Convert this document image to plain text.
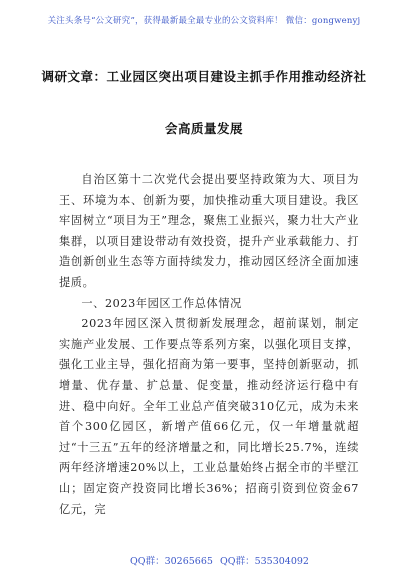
关注头条号“公文研究”，获得最新最全最专业的公文资料库！ 微信：gongwenyj
调研文章：工业园区突出项目建设主抓手作用推动经济社
会高质量发展

自治区第十二次党代会提出要坚持政策为大、项目为王、环境为本、创新为要，加快推动重大项目建设。我区牢固树立“项目为王”理念，聚焦工业振兴，聚力壮大产业集群，以项目建设带动有效投资，提升产业承载能力、打造创新创业生态等方面持续发力，推动园区经济全面加速提质。

一、2023年园区工作总体情况

2023年园区深入贯彻新发展理念，超前谋划，制定实施产业发展、工作要点等系列方案，以强化项目支撑，强化工业主导，强化招商为第一要事，坚持创新驱动，抓增量、优存量、扩总量、促变量，推动经济运行稳中有进、稳中向好。全年工业总产值突破310亿元，成为未来首个300亿园区，新增产值66亿元，仅一年增量就超过“十三五”五年的经济增量之和，同比增长25.7%，连续两年经济增速20%以上，工业总量始终占据全市的半壁江山；固定资产投资同比增长36%；招商引资到位资金67亿元，完

QQ群：30265665 QQ群：535304092
